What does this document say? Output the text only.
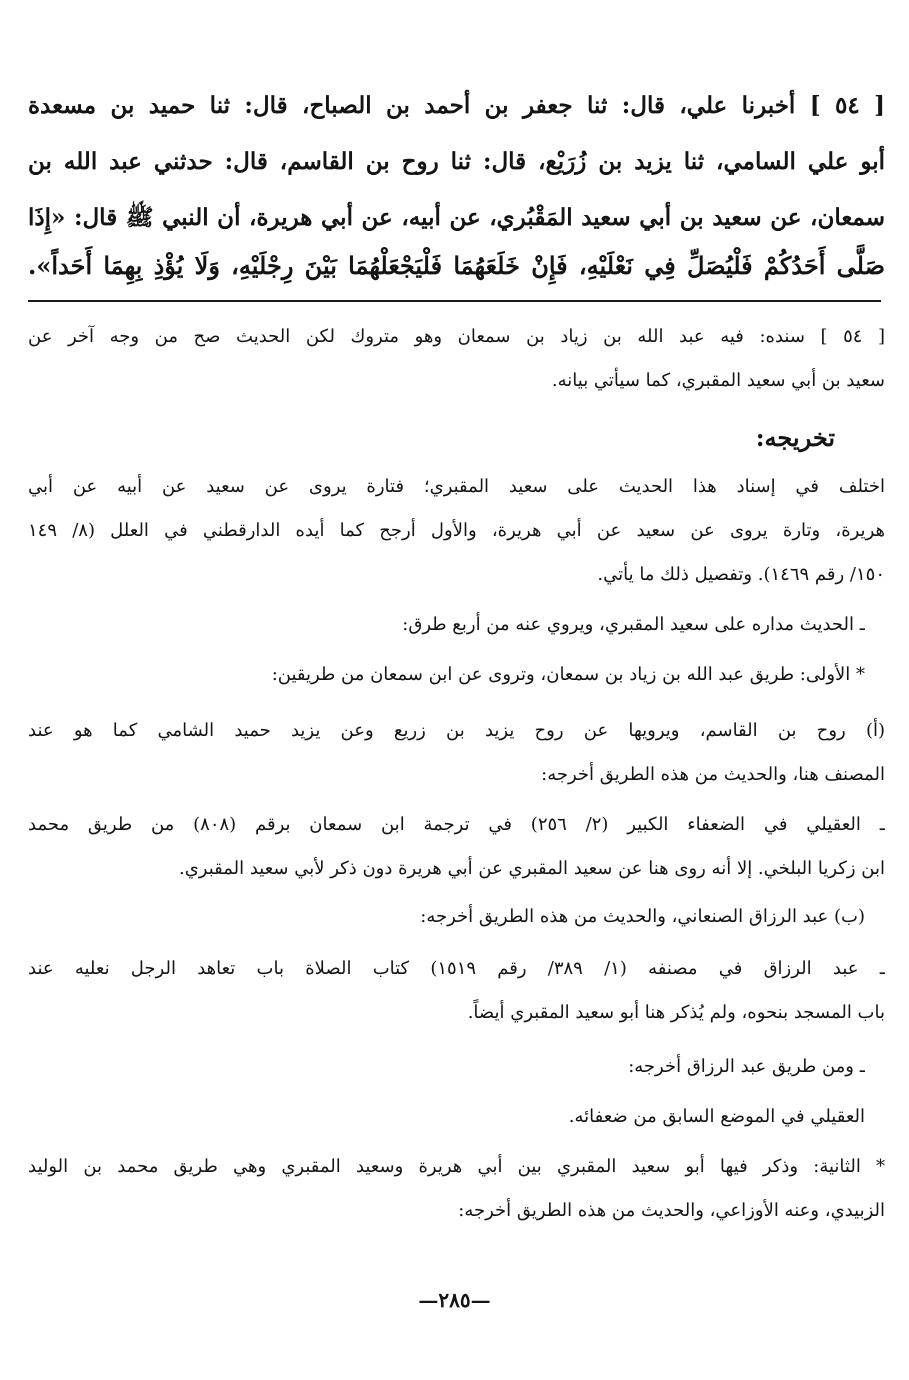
[ ٥٤ ] أخبرنا علي، قال: ثنا جعفر بن أحمد بن الصباح، قال: ثنا حميد بن مسعدة
أبو علي السامي، ثنا يزيد بن زُرَيْع، قال: ثنا روح بن القاسم، قال: حدثني عبد الله بن
سمعان، عن سعيد بن أبي سعيد المَقْبُري، عن أبيه، عن أبي هريرة، أن النبي ﷺ قال: «إِذَا
صَلَّى أَحَدُكُمْ فَلْيُصَلِّ فِي نَعْلَيْهِ، فَإِنْ خَلَعَهُمَا فَلْيَجْعَلْهُمَا بَيْنَ رِجْلَيْهِ، وَلَا يُؤْذِ بِهِمَا أَحَداً».
[ ٥٤ ] سنده: فيه عبد الله بن زياد بن سمعان وهو متروك لكن الحديث صح من وجه آخر عن
سعيد بن أبي سعيد المقبري، كما سيأتي بيانه.
تخريجه:
اختلف في إسناد هذا الحديث على سعيد المقبري؛ فتارة يروى عن سعيد عن أبيه عن أبي
هريرة، وتارة يروى عن سعيد عن أبي هريرة، والأول أرجح كما أيده الدارقطني في العلل (٨/ ١٤٩
١٥٠/ رقم ١٤٦٩). وتفصيل ذلك ما يأتي.
ـ الحديث مداره على سعيد المقبري، ويروي عنه من أربع طرق:
* الأولى: طريق عبد الله بن زياد بن سمعان، وتروى عن ابن سمعان من طريقين:
(أ) روح بن القاسم، ويرويها عن روح يزيد بن زريع وعن يزيد حميد الشامي كما هو عند
المصنف هنا، والحديث من هذه الطريق أخرجه:
ـ العقيلي في الضعفاء الكبير (٢/ ٢٥٦) في ترجمة ابن سمعان برقم (٨٠٨) من طريق محمد
ابن زكريا البلخي. إلا أنه روى هنا عن سعيد المقبري عن أبي هريرة دون ذكر لأبي سعيد المقبري.
(ب) عبد الرزاق الصنعاني، والحديث من هذه الطريق أخرجه:
ـ عبد الرزاق في مصنفه (١/ ٣٨٩/ رقم ١٥١٩) كتاب الصلاة باب تعاهد الرجل نعليه عند
باب المسجد بنحوه، ولم يُذكر هنا أبو سعيد المقبري أيضاً.
ـ ومن طريق عبد الرزاق أخرجه:
العقيلي في الموضع السابق من ضعفائه.
* الثانية: وذكر فيها أبو سعيد المقبري بين أبي هريرة وسعيد المقبري وهي طريق محمد بن الوليد
الزبيدي، وعنه الأوزاعي، والحديث من هذه الطريق أخرجه:
—٢٨٥—
